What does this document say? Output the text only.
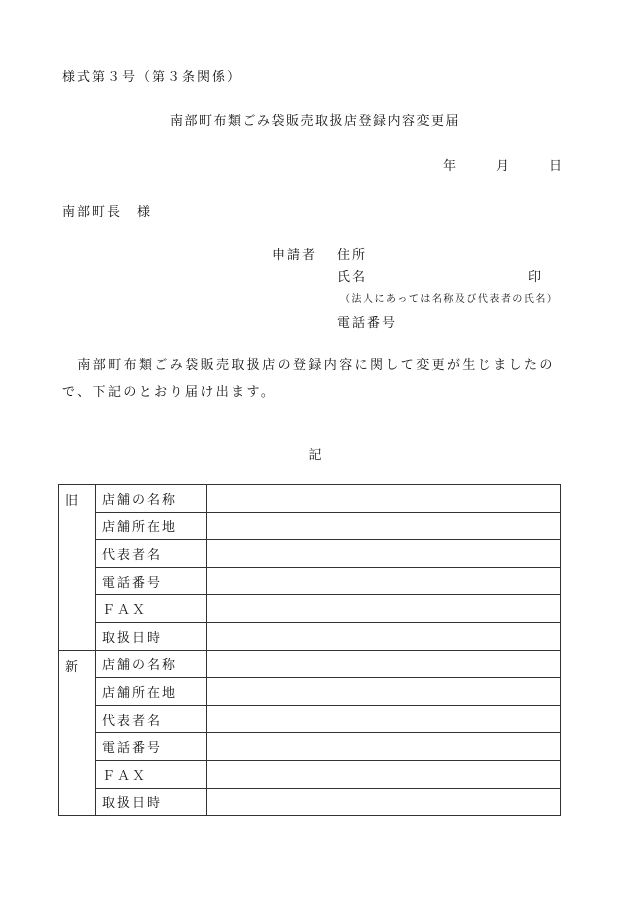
様式第３号（第３条関係）
南部町布類ごみ袋販売取扱店登録内容変更届
年	月	日
南部町長　様
申請者 住所
氏名	印
（法人にあっては名称及び代表者の氏名）
電話番号
　南部町布類ごみ袋販売取扱店の登録内容に関して変更が生じましたので、下記のとおり届け出ます。
記
旧	店舗の名称	
	店舗所在地	
	代表者名	
	電話番号	
	ＦＡＸ	
	取扱日時	
新	店舗の名称	
	店舗所在地	
	代表者名	
	電話番号	
	ＦＡＸ	
	取扱日時	
